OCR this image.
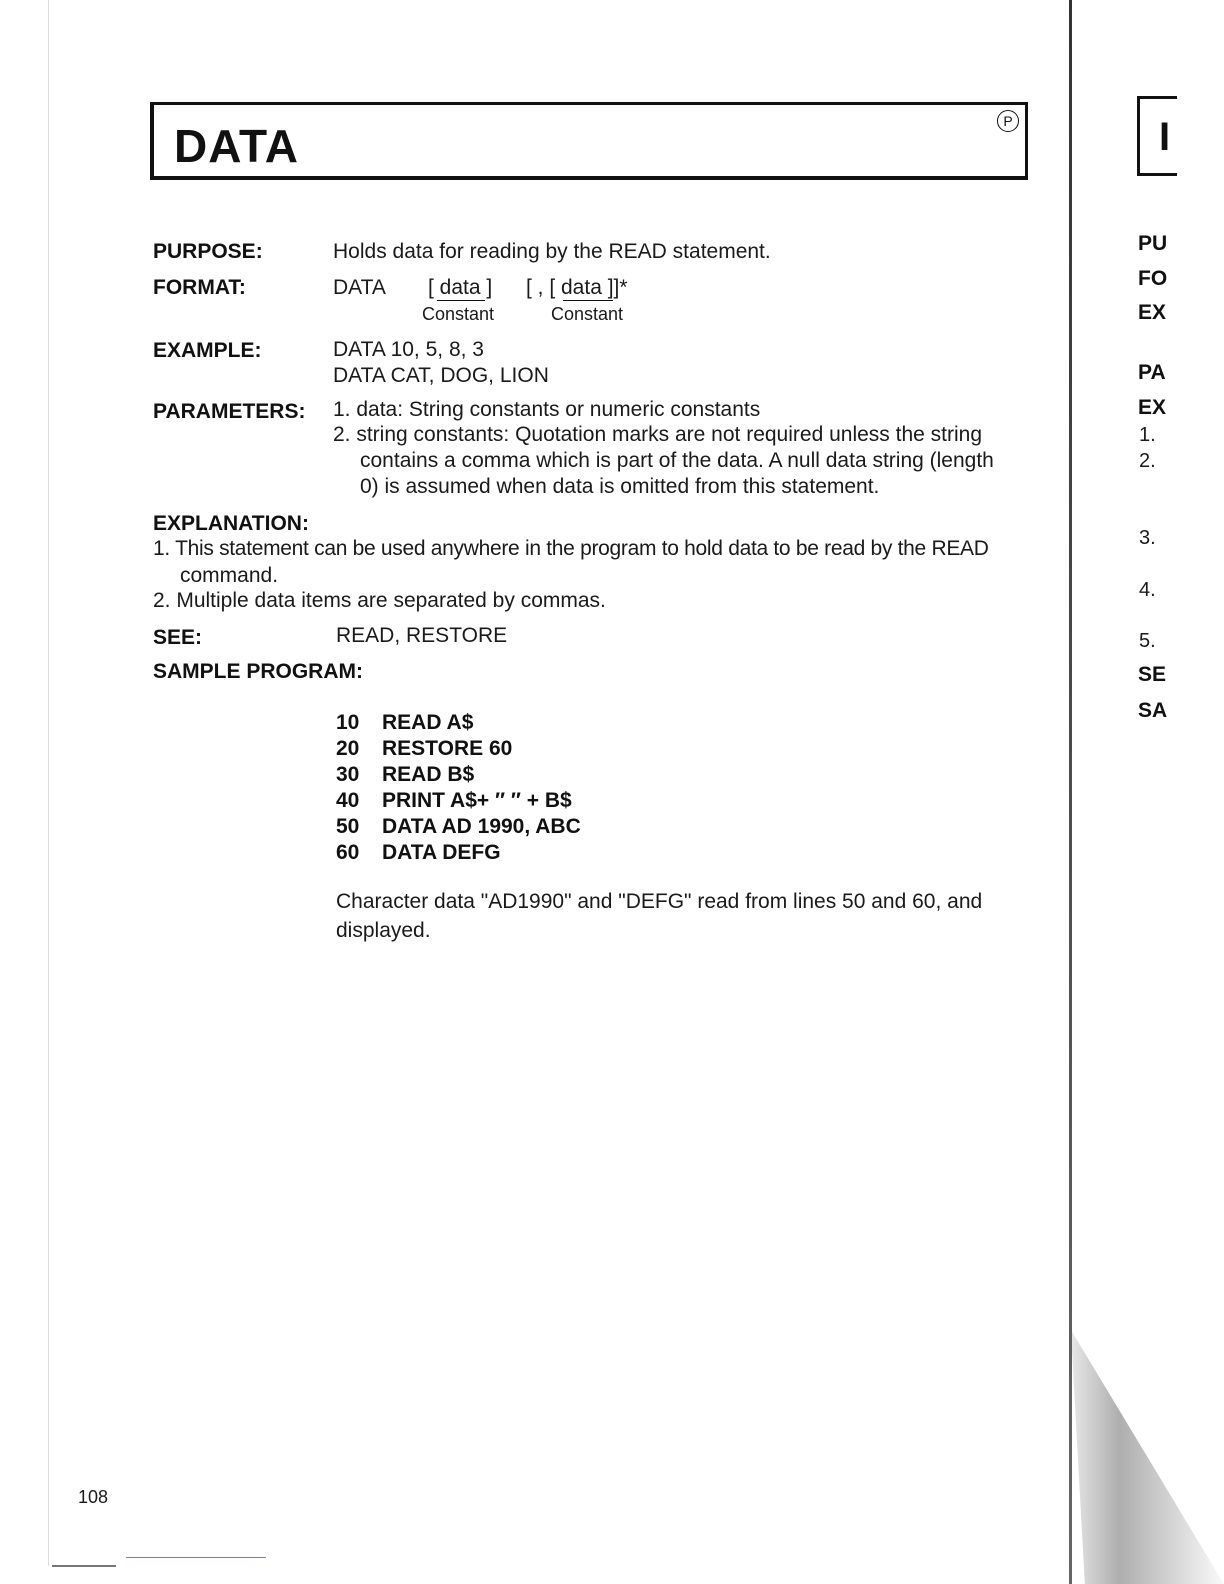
DATA	P
PURPOSE:	Holds data for reading by the READ statement.
FORMAT:	DATA [ data ] [ , [ data ]]*
Constant	Constant
EXAMPLE:	DATA 10, 5, 8, 3
DATA CAT, DOG, LION
PARAMETERS: 1. data: String constants or numeric constants
2. string constants: Quotation marks are not required unless the string
contains a comma which is part of the data. A null data string (length
0) is assumed when data is omitted from this statement.
EXPLANATION:
1. This statement can be used anywhere in the program to hold data to be read by the READ
command.
2. Multiple data items are separated by commas.
SEE:	READ, RESTORE
SAMPLE PROGRAM:
10 READ A$
20 RESTORE 60
30 READ B$
40 PRINT A$+ ″ ″ + B$
50 DATA AD 1990, ABC
60 DATA DEFG
Character data "AD1990" and "DEFG" read from lines 50 and 60, and
displayed.
108
I
PU
FO
EX
PA
EX
1.
2.
3.
4.
5.
SE
SA
